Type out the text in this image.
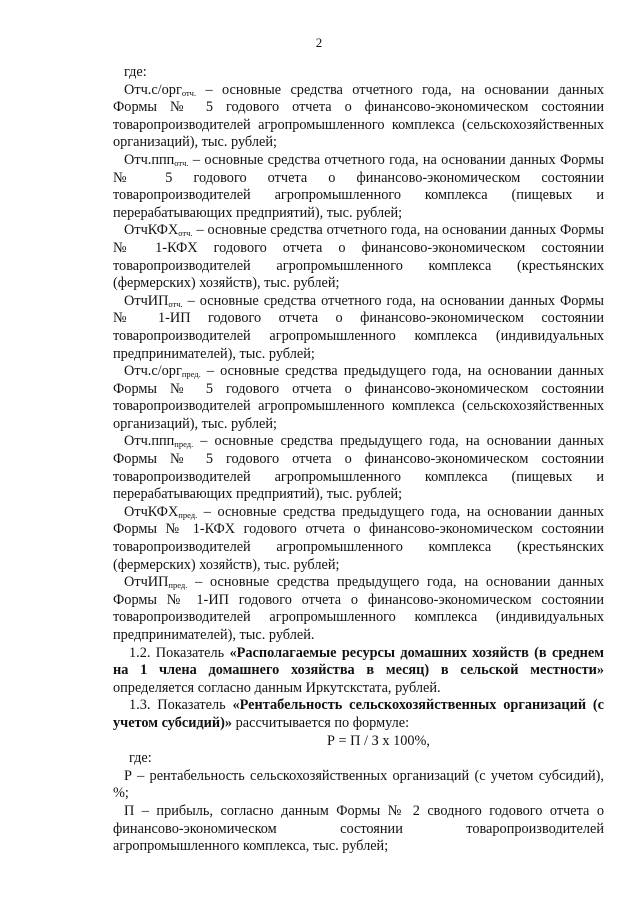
2

где:

Отч.с/орг$_{отч.}$ – основные средства отчетного года, на основании данных Формы № 5 годового отчета о финансово-экономическом состоянии товаропроизводителей агропромышленного комплекса (сельскохозяйственных организаций), тыс. рублей;

Отч.ппп$_{отч.}$ – основные средства отчетного года, на основании данных Формы № 5 годового отчета о финансово-экономическом состоянии товаропроизводителей агропромышленного комплекса (пищевых и перерабатывающих предприятий), тыс. рублей;

ОтчКФХ$_{отч.}$ – основные средства отчетного года, на основании данных Формы № 1-КФХ годового отчета о финансово-экономическом состоянии товаропроизводителей агропромышленного комплекса (крестьянских (фермерских) хозяйств), тыс. рублей;

ОтчИП$_{отч.}$ – основные средства отчетного года, на основании данных Формы № 1-ИП годового отчета о финансово-экономическом состоянии товаропроизводителей агропромышленного комплекса (индивидуальных предпринимателей), тыс. рублей;

Отч.с/орг$_{пред.}$ – основные средства предыдущего года, на основании данных Формы № 5 годового отчета о финансово-экономическом состоянии товаропроизводителей агропромышленного комплекса (сельскохозяйственных организаций), тыс. рублей;

Отч.ппп$_{пред.}$ – основные средства предыдущего года, на основании данных Формы № 5 годового отчета о финансово-экономическом состоянии товаропроизводителей агропромышленного комплекса (пищевых и перерабатывающих предприятий), тыс. рублей;

ОтчКФХ$_{пред.}$ – основные средства предыдущего года, на основании данных Формы № 1-КФХ годового отчета о финансово-экономическом состоянии товаропроизводителей агропромышленного комплекса (крестьянских (фермерских) хозяйств), тыс. рублей;

ОтчИП$_{пред.}$ – основные средства предыдущего года, на основании данных Формы № 1-ИП годового отчета о финансово-экономическом состоянии товаропроизводителей агропромышленного комплекса (индивидуальных предпринимателей), тыс. рублей.

1.2. Показатель «Располагаемые ресурсы домашних хозяйств (в среднем на 1 члена домашнего хозяйства в месяц) в сельской местности» определяется согласно данным Иркутскстата, рублей.

1.3. Показатель «Рентабельность сельскохозяйственных организаций (с учетом субсидий)» рассчитывается по формуле:

Р = П / З х 100%,

где:

Р – рентабельность сельскохозяйственных организаций (с учетом субсидий), %;

П – прибыль, согласно данным Формы № 2 сводного годового отчета о финансово-экономическом состоянии товаропроизводителей агропромышленного комплекса, тыс. рублей;
